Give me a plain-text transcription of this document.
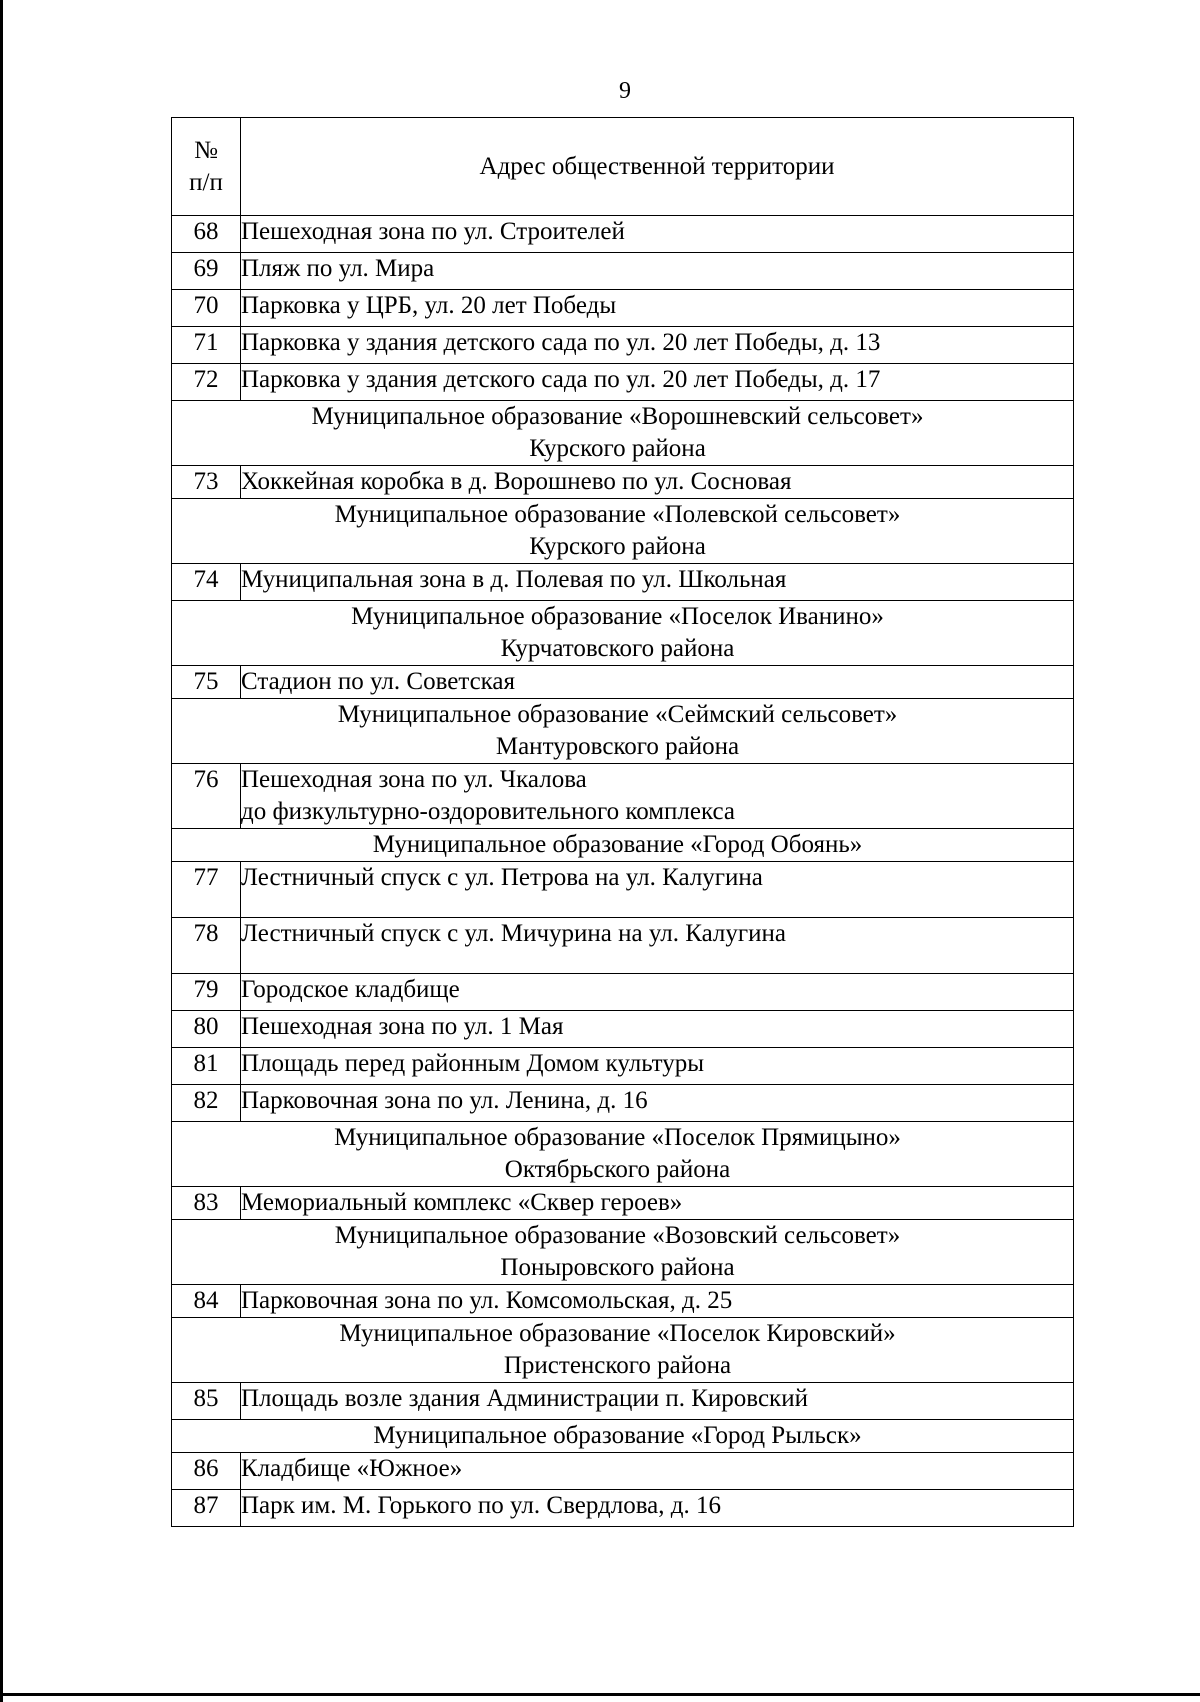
9
№
п/п	Адрес общественной территории
68	Пешеходная зона по ул. Строителей
69	Пляж по ул. Мира
70	Парковка у ЦРБ, ул. 20 лет Победы
71	Парковка у здания детского сада по ул. 20 лет Победы, д. 13
72	Парковка у здания детского сада по ул. 20 лет Победы, д. 17

Муниципальное образование «Ворошневский сельсовет»
Курского района	

73	Хоккейная коробка в д. Ворошнево по ул. Сосновая

Муниципальное образование «Полевской сельсовет»
Курского района	

74	Муниципальная зона в д. Полевая по ул. Школьная

Муниципальное образование «Поселок Иванино»
Курчатовского района	

75	Стадион по ул. Советская

Муниципальное образование «Сеймский сельсовет»
Мантуровского района	

76	Пешеходная зона по ул. Чкалова
до физкультурно-оздоровительного комплекса

Муниципальное образование «Город Обоянь»	

77	Лестничный спуск с ул. Петрова на ул. Калугина
78	Лестничный спуск с ул. Мичурина на ул. Калугина
79	Городское кладбище
80	Пешеходная зона по ул. 1 Мая
81	Площадь перед районным Домом культуры
82	Парковочная зона по ул. Ленина, д. 16

Муниципальное образование «Поселок Прямицыно»
Октябрьского района	

83	Мемориальный комплекс «Сквер героев»

Муниципальное образование «Возовский сельсовет»
Поныровского района	

84	Парковочная зона по ул. Комсомольская, д. 25

Муниципальное образование «Поселок Кировский»
Пристенского района	

85	Площадь возле здания Администрации п. Кировский

Муниципальное образование «Город Рыльск»	

86	Кладбище «Южное»
87	Парк им. М. Горького по ул. Свердлова, д. 16
